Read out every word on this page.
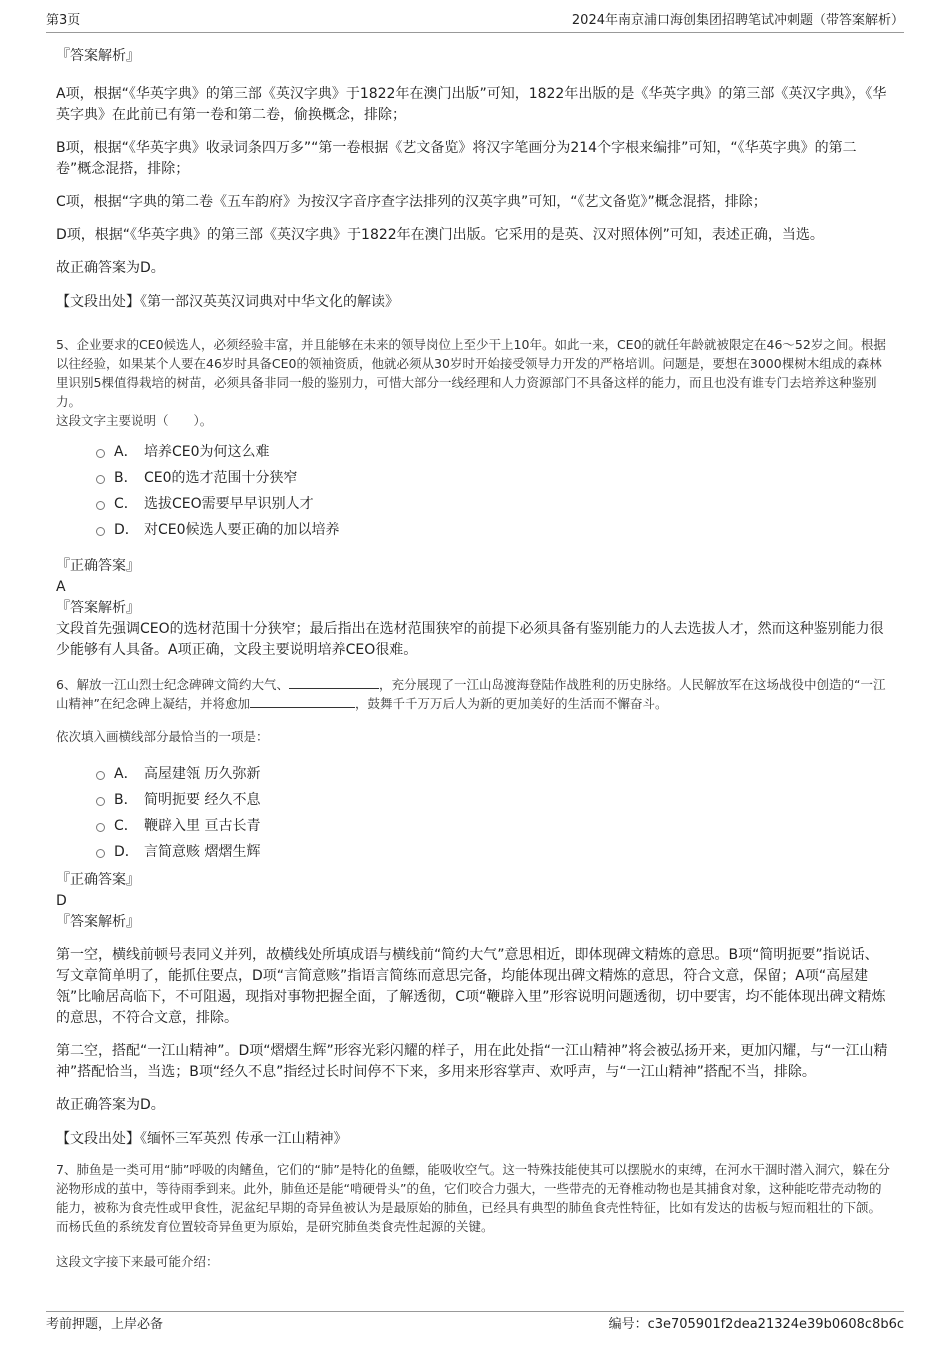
第3页	2024年南京浦口海创集团招聘笔试冲刺题（带答案解析）

『答案解析』

A项，根据“《华英字典》的第三部《英汉字典》于1822年在澳门出版”可知，1822年出版的是《华英字典》的第三部《英汉字典》，《华英字典》在此前已有第一卷和第二卷，偷换概念，排除；

B项，根据“《华英字典》收录词条四万多”“第一卷根据《艺文备览》将汉字笔画分为214个字根来编排”可知，“《华英字典》的第二卷”概念混搭，排除；

C项，根据“字典的第二卷《五车韵府》为按汉字音序查字法排列的汉英字典”可知，“《艺文备览》”概念混搭，排除；

D项，根据“《华英字典》的第三部《英汉字典》于1822年在澳门出版。它采用的是英、汉对照体例”可知，表述正确，当选。

故正确答案为D。

【文段出处】《第一部汉英英汉词典对中华文化的解读》

5、企业要求的CE0候选人，必须经验丰富，并且能够在未来的领导岗位上至少干上10年。如此一来，CE0的就任年龄就被限定在46～52岁之间。根据以往经验，如果某个人要在46岁时具备CE0的领袖资质，他就必须从30岁时开始接受领导力开发的严格培训。问题是，要想在3000棵树木组成的森林里识别5棵值得栽培的树苗，必须具备非同一般的鉴别力，可惜大部分一线经理和人力资源部门不具备这样的能力，而且也没有谁专门去培养这种鉴别力。

这段文字主要说明（　　）。

A． 培养CE0为何这么难
B． CE0的选才范围十分狭窄
C． 选拔CEO需要早早识别人才
D． 对CE0候选人要正确的加以培养

『正确答案』

A

『答案解析』

文段首先强调CEO的选材范围十分狭窄；最后指出在选材范围狭窄的前提下必须具备有鉴别能力的人去选拔人才，然而这种鉴别能力很少能够有人具备。A项正确，文段主要说明培养CEO很难。

6、解放一江山烈士纪念碑碑文简约大气、	，充分展现了一江山岛渡海登陆作战胜利的历史脉络。人民解放军在这场战役中创造的“一江山精神”在纪念碑上凝结，并将愈加	，鼓舞千千万万后人为新的更加美好的生活而不懈奋斗。

依次填入画横线部分最恰当的一项是：

A． 高屋建瓴 历久弥新
B． 简明扼要 经久不息
C． 鞭辟入里 亘古长青
D． 言简意赅 熠熠生辉

『正确答案』

D

『答案解析』

第一空，横线前顿号表同义并列，故横线处所填成语与横线前“简约大气”意思相近，即体现碑文精炼的意思。B项“简明扼要”指说话、写文章简单明了，能抓住要点，D项“言简意赅”指语言简练而意思完备，均能体现出碑文精炼的意思，符合文意，保留；A项“高屋建瓴”比喻居高临下，不可阻遏，现指对事物把握全面，了解透彻，C项“鞭辟入里”形容说明问题透彻，切中要害，均不能体现出碑文精炼的意思，不符合文意，排除。

第二空，搭配“一江山精神”。D项“熠熠生辉”形容光彩闪耀的样子，用在此处指“一江山精神”将会被弘扬开来，更加闪耀，与“一江山精神”搭配恰当，当选；B项“经久不息”指经过长时间停不下来，多用来形容掌声、欢呼声，与“一江山精神”搭配不当，排除。

故正确答案为D。

【文段出处】《缅怀三军英烈 传承一江山精神》

7、肺鱼是一类可用“肺”呼吸的肉鳍鱼，它们的“肺”是特化的鱼鳔，能吸收空气。这一特殊技能使其可以摆脱水的束缚，在河水干涸时潜入洞穴，躲在分泌物形成的茧中，等待雨季到来。此外，肺鱼还是能“啃硬骨头”的鱼，它们咬合力强大，一些带壳的无脊椎动物也是其捕食对象，这种能吃带壳动物的能力，被称为食壳性或甲食性，泥盆纪早期的奇异鱼被认为是最原始的肺鱼，已经具有典型的肺鱼食壳性特征，比如有发达的齿板与短而粗壮的下颌。而杨氏鱼的系统发育位置较奇异鱼更为原始，是研究肺鱼类食壳性起源的关键。

这段文字接下来最可能介绍：

考前押题，上岸必备	编号：c3e705901f2dea21324e39b0608c8b6c
